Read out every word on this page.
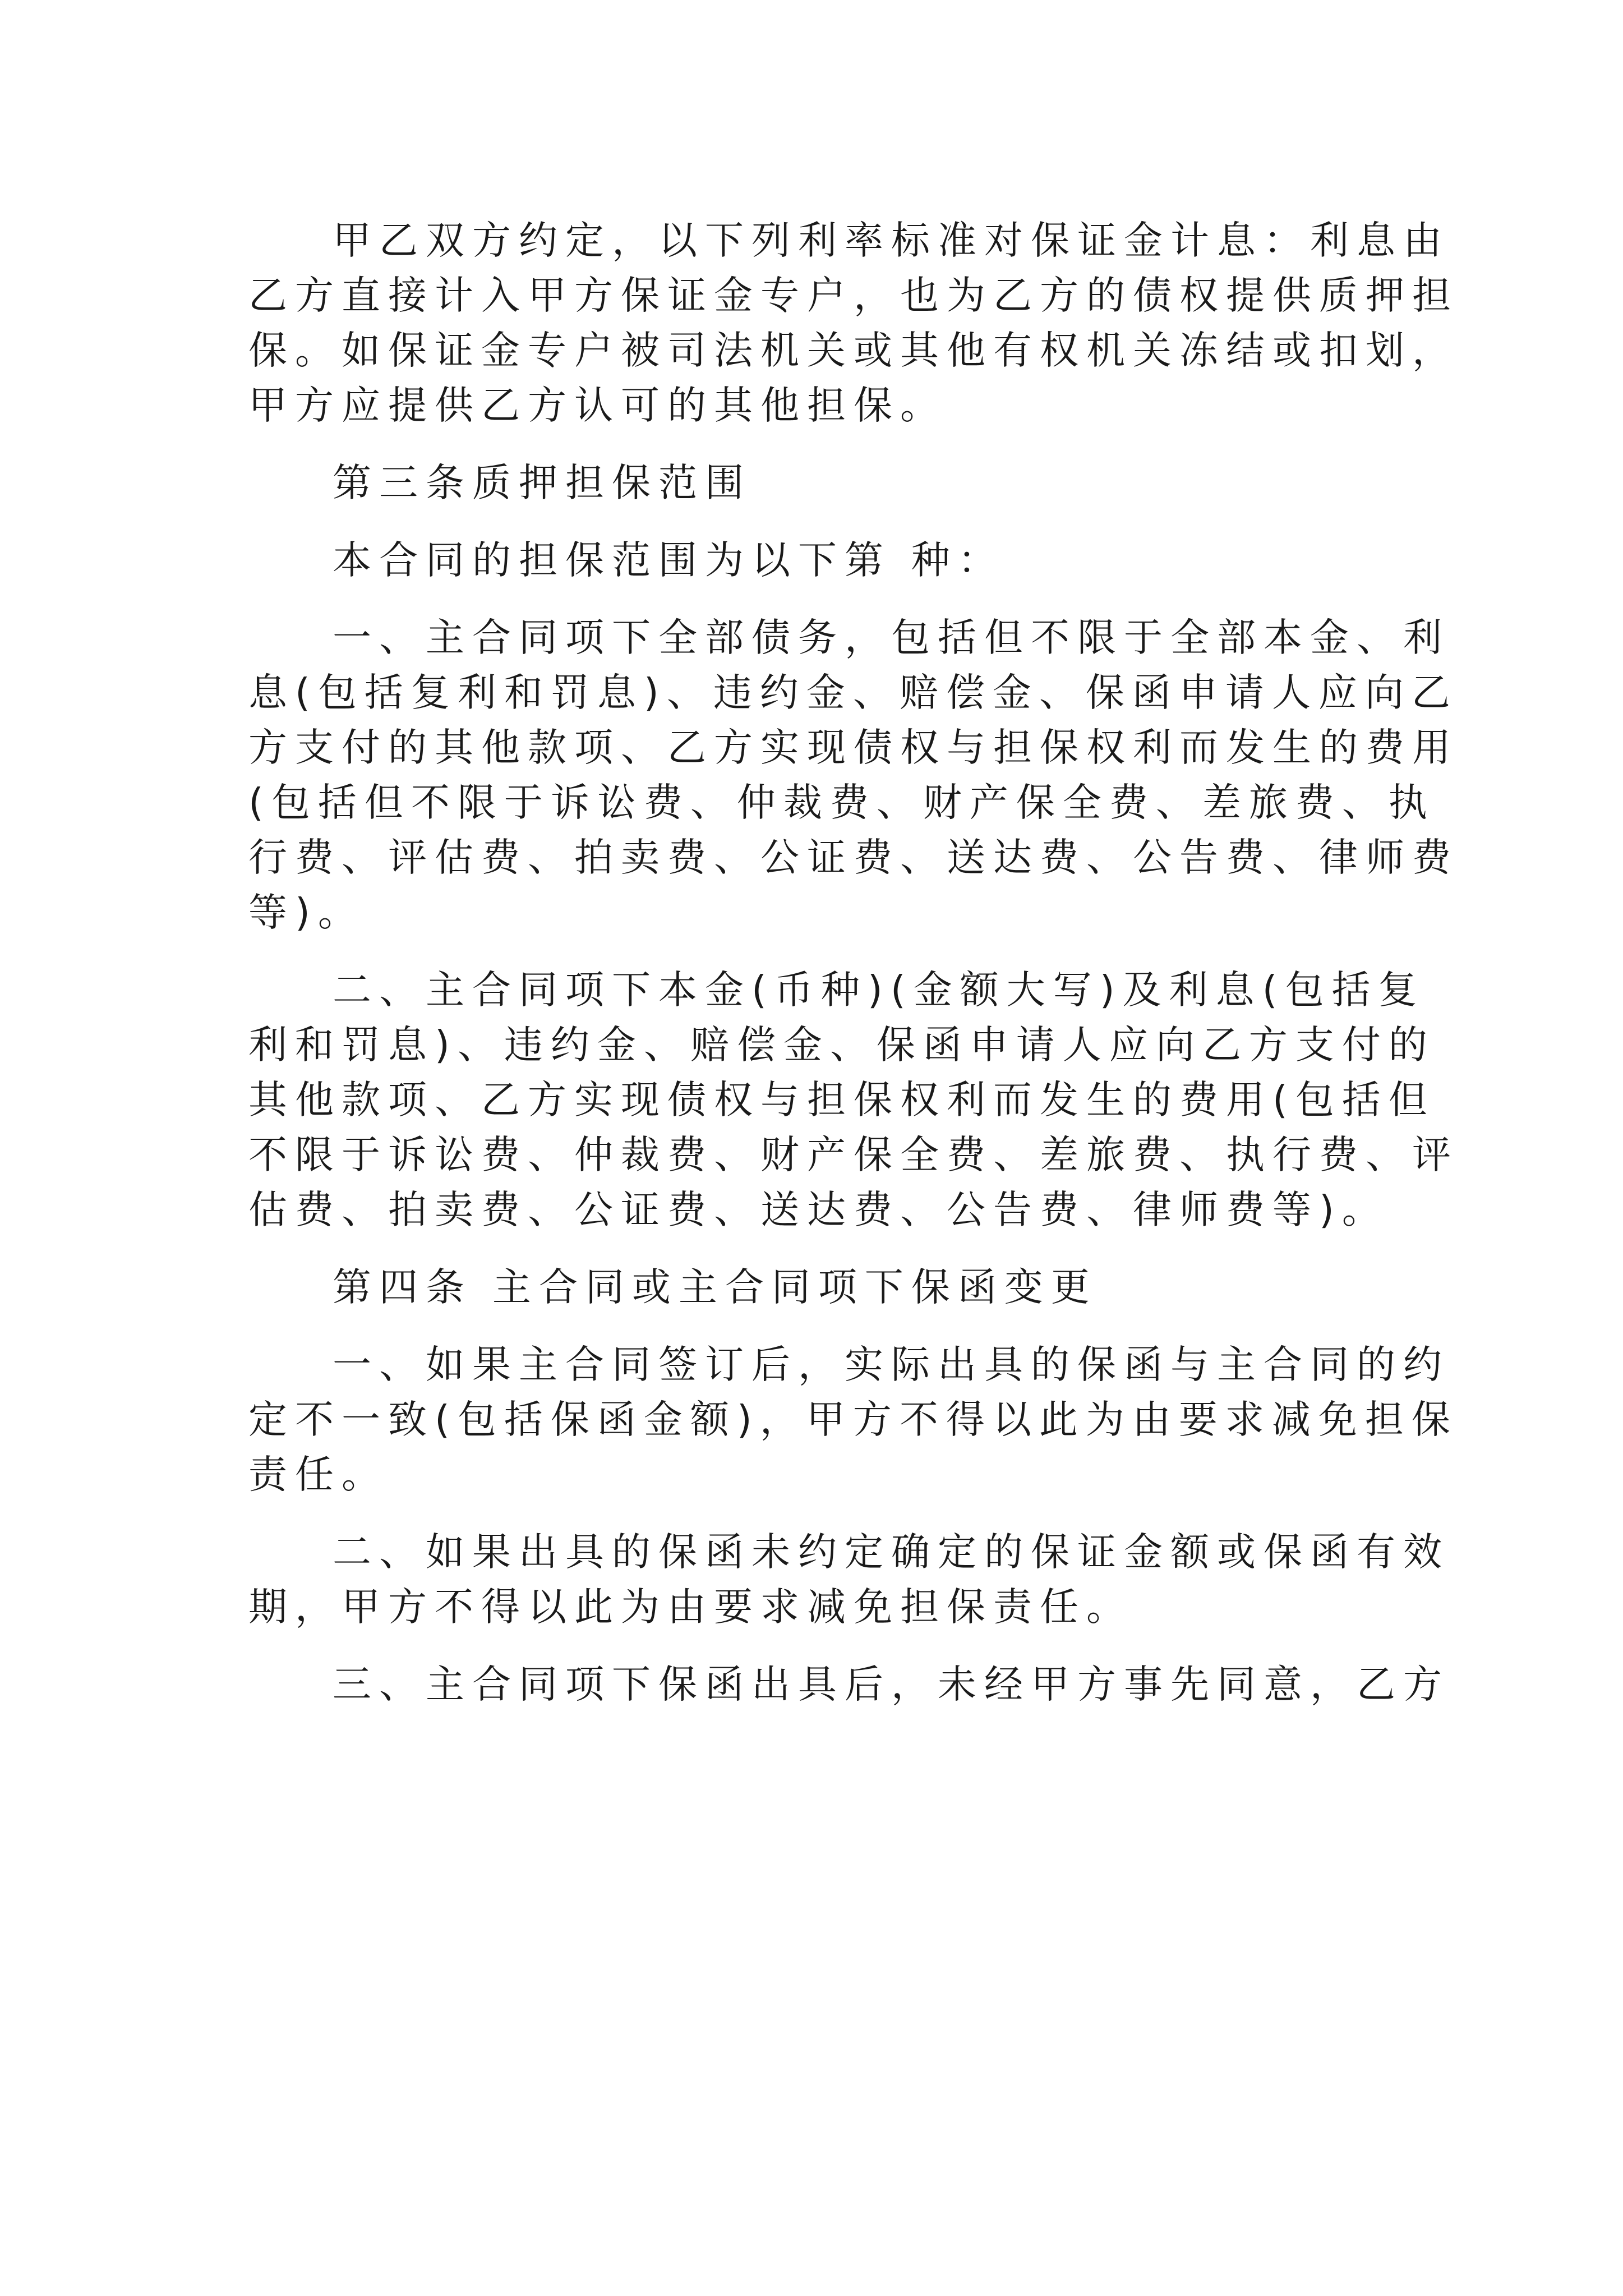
甲乙双方约定，以下列利率标准对保证金计息：利息由
乙方直接计入甲方保证金专户，也为乙方的债权提供质押担
保。如保证金专户被司法机关或其他有权机关冻结或扣划，
甲方应提供乙方认可的其他担保。
第三条质押担保范围
本合同的担保范围为以下第 种：
一、主合同项下全部债务，包括但不限于全部本金、利
息(包括复利和罚息)、违约金、赔偿金、保函申请人应向乙
方支付的其他款项、乙方实现债权与担保权利而发生的费用
(包括但不限于诉讼费、仲裁费、财产保全费、差旅费、执
行费、评估费、拍卖费、公证费、送达费、公告费、律师费
等)。
二、主合同项下本金(币种)(金额大写)及利息(包括复
利和罚息)、违约金、赔偿金、保函申请人应向乙方支付的
其他款项、乙方实现债权与担保权利而发生的费用(包括但
不限于诉讼费、仲裁费、财产保全费、差旅费、执行费、评
估费、拍卖费、公证费、送达费、公告费、律师费等)。
第四条 主合同或主合同项下保函变更
一、如果主合同签订后，实际出具的保函与主合同的约
定不一致(包括保函金额)，甲方不得以此为由要求减免担保
责任。
二、如果出具的保函未约定确定的保证金额或保函有效
期，甲方不得以此为由要求减免担保责任。
三、主合同项下保函出具后，未经甲方事先同意，乙方
